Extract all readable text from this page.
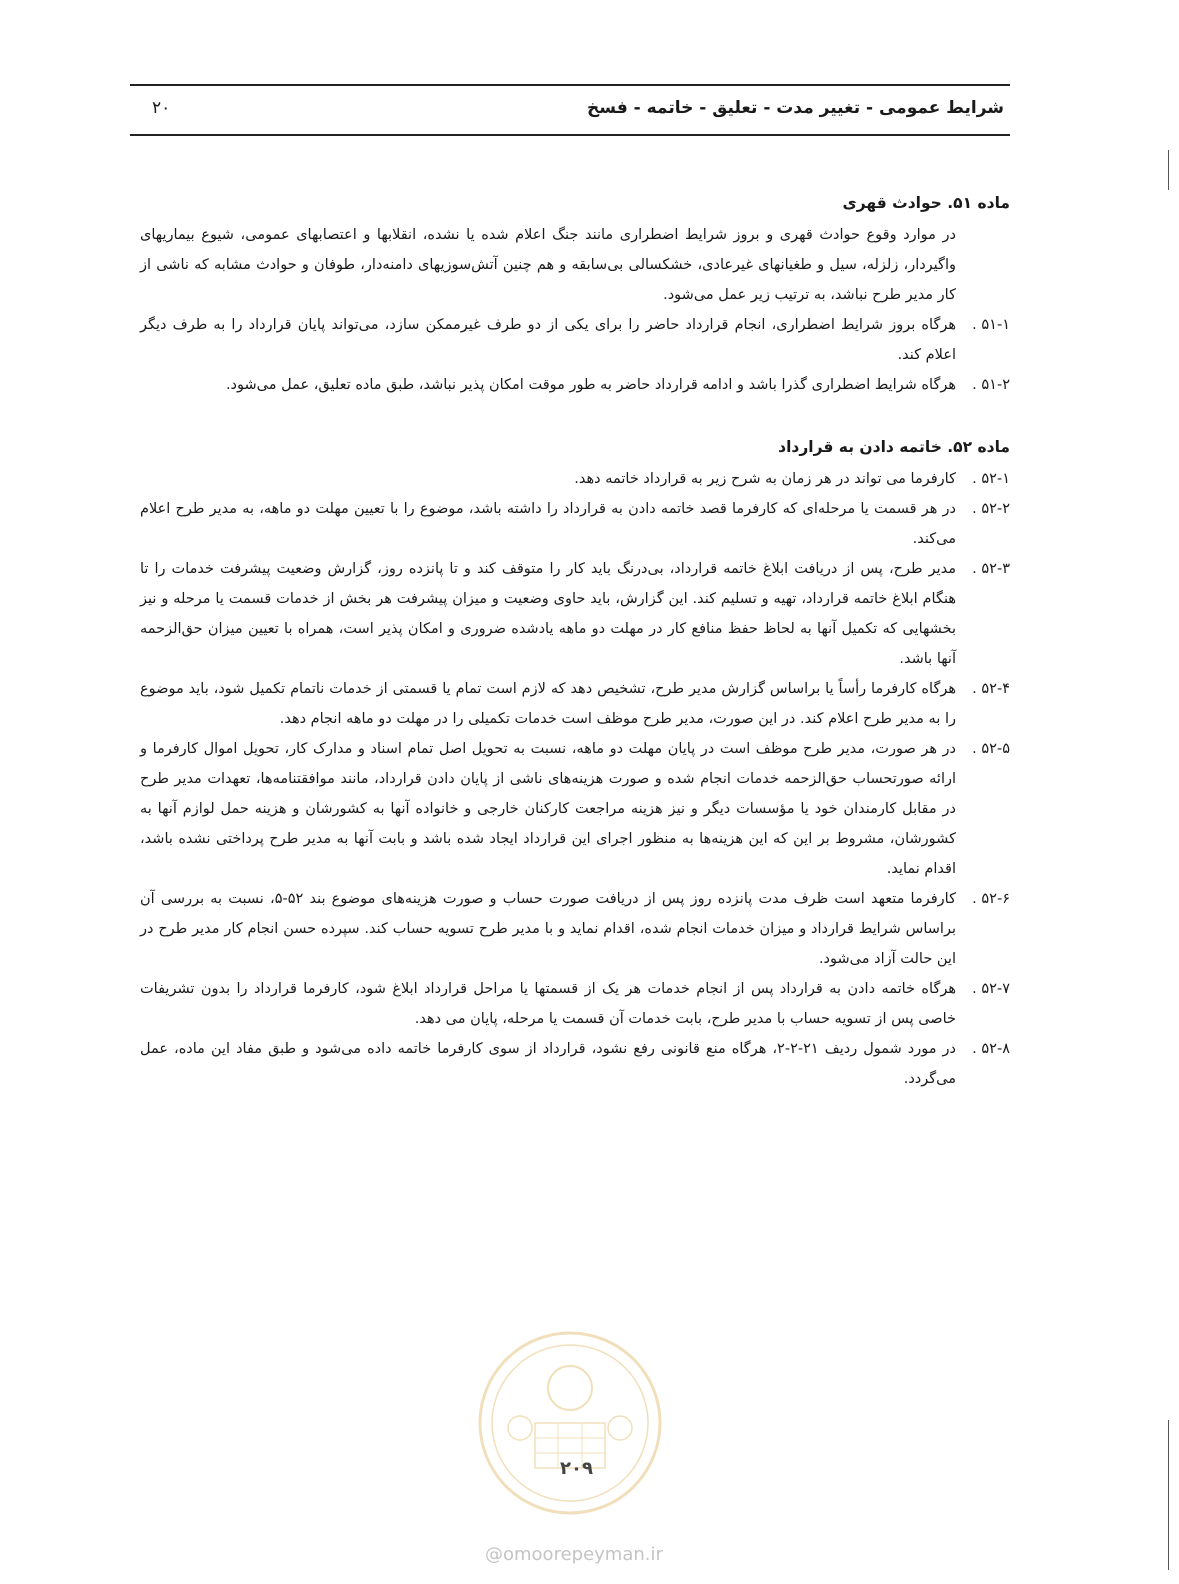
شرایط عمومی - تغییر مدت - تعلیق - خاتمه - فسخ
۲۰
ماده ۵۱. حوادث قهری
در موارد وقوع حوادث قهری و بروز شرایط اضطراری مانند جنگ اعلام شده یا نشده، انقلابها و اعتصابهای عمومی، شیوع بیماریهای واگیردار، زلزله، سیل و طغیانهای غیرعادی، خشکسالی بی‌سابقه و هم چنین آتش‌سوزیهای دامنه‌دار، طوفان و حوادث مشابه که ناشی از کار مدیر طرح نباشد، به ترتیب زیر عمل می‌شود.
۵۱-۱ .
هرگاه بروز شرایط اضطراری، انجام قرارداد حاضر را برای یکی از دو طرف غیرممکن سازد، می‌تواند پایان قرارداد را به طرف دیگر اعلام کند.
۵۱-۲ .
هرگاه شرایط اضطراری گذرا باشد و ادامه قرارداد حاضر به طور موقت امکان پذیر نباشد، طبق ماده تعلیق، عمل می‌شود.
ماده ۵۲. خاتمه دادن به قرارداد
۵۲-۱ .
کارفرما می تواند در هر زمان به شرح زیر به قرارداد خاتمه دهد.
۵۲-۲ .
در هر قسمت یا مرحله‌ای که کارفرما قصد خاتمه دادن به قرارداد را داشته باشد، موضوع را با تعیین مهلت دو ماهه، به مدیر طرح اعلام می‌کند.
۵۲-۳ .
مدیر طرح، پس از دریافت ابلاغ خاتمه قرارداد، بی‌درنگ باید کار را متوقف کند و تا پانزده روز، گزارش وضعیت پیشرفت خدمات را تا هنگام ابلاغ خاتمه قرارداد، تهیه و تسلیم کند. این گزارش، باید حاوی وضعیت و میزان پیشرفت هر بخش از خدمات قسمت یا مرحله و نیز بخشهایی که تکمیل آنها به لحاظ حفظ منافع کار در مهلت دو ماهه یادشده ضروری و امکان پذیر است، همراه با تعیین میزان حق‌الزحمه آنها باشد.
۵۲-۴ .
هرگاه کارفرما رأساً یا براساس گزارش مدیر طرح، تشخیص دهد که لازم است تمام یا قسمتی از خدمات ناتمام تکمیل شود، باید موضوع را به مدیر طرح اعلام کند. در این صورت، مدیر طرح موظف است خدمات تکمیلی را در مهلت دو ماهه انجام دهد.
۵۲-۵ .
در هر صورت، مدیر طرح موظف است در پایان مهلت دو ماهه، نسبت به تحویل اصل تمام اسناد و مدارک کار، تحویل اموال کارفرما و ارائه صورتحساب حق‌الزحمه خدمات انجام شده و صورت هزینه‌های ناشی از پایان دادن قرارداد، مانند موافقتنامه‌ها، تعهدات مدیر طرح در مقابل کارمندان خود یا مؤسسات دیگر و نیز هزینه مراجعت کارکنان خارجی و خانواده آنها به کشورشان و هزینه حمل لوازم آنها به کشورشان، مشروط بر این که این هزینه‌ها به منظور اجرای این قرارداد ایجاد شده باشد و بابت آنها به مدیر طرح پرداختی نشده باشد، اقدام نماید.
۵۲-۶ .
کارفرما متعهد است ظرف مدت پانزده روز پس از دریافت صورت حساب و صورت هزینه‌های موضوع بند ۵۲-۵، نسبت به بررسی آن براساس شرایط قرارداد و میزان خدمات انجام شده، اقدام نماید و با مدیر طرح تسویه حساب کند. سپرده حسن انجام کار مدیر طرح در این حالت آزاد می‌شود.
۵۲-۷ .
هرگاه خاتمه دادن به قرارداد پس از انجام خدمات هر یک از قسمتها یا مراحل قرارداد ابلاغ شود، کارفرما قرارداد را بدون تشریفات خاصی پس از تسویه حساب با مدیر طرح، بابت خدمات آن قسمت یا مرحله، پایان می دهد.
۵۲-۸ .
در مورد شمول ردیف ۲۱-۲-۲، هرگاه منع قانونی رفع نشود، قرارداد از سوی کارفرما خاتمه داده می‌شود و طبق مفاد این ماده، عمل می‌گردد.
۲۰۹
@omoorepeyman.ir
